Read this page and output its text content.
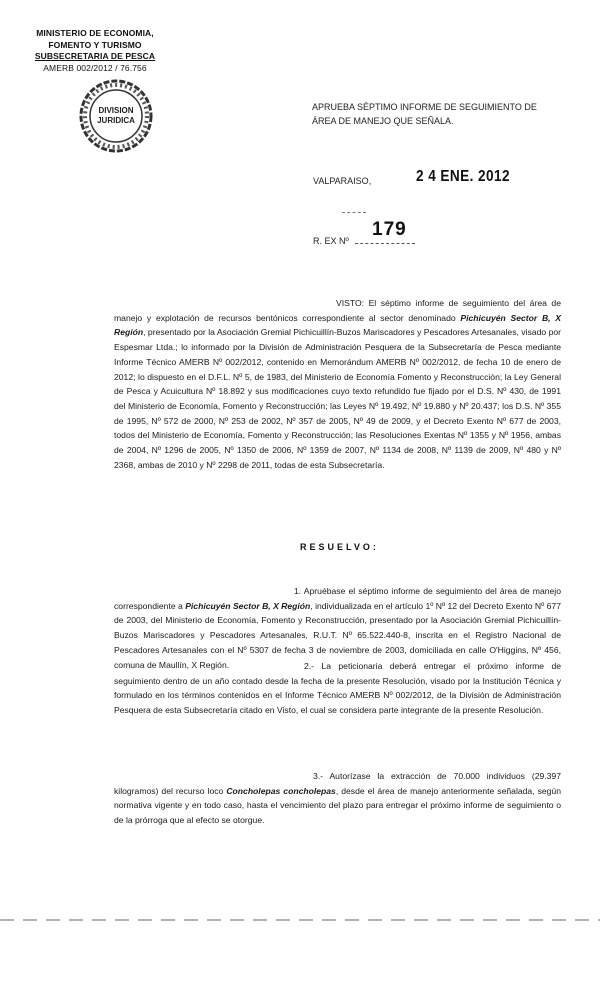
MINISTERIO DE ECONOMIA,
FOMENTO Y TURISMO
SUBSECRETARIA DE PESCA
AMERB 002/2012 / 76.756
DIVISION
JURIDICA
APRUEBA SÉPTIMO INFORME DE SEGUIMIENTO DE ÁREA DE MANEJO QUE SEÑALA.
VALPARAISO,	2 4 ENE. 2012
R. EX Nº
179
VISTO: El séptimo informe de seguimiento del área de manejo y explotación de recursos bentónicos correspondiente al sector denominado Pichicuyén Sector B, X Región, presentado por la Asociación Gremial Pichicuillín-Buzos Mariscadores y Pescadores Artesanales, visado por Espesmar Ltda.; lo informado por la División de Administración Pesquera de la Subsecretaría de Pesca mediante Informe Técnico AMERB Nº 002/2012, contenido en Memorándum AMERB Nº 002/2012, de fecha 10 de enero de 2012; lo dispuesto en el D.F.L. Nº 5, de 1983, del Ministerio de Economía Fomento y Reconstrucción; la Ley General de Pesca y Acuicultura Nº 18.892 y sus modificaciones cuyo texto refundido fue fijado por el D.S. Nº 430, de 1991 del Ministerio de Economía, Fomento y Reconstrucción; las Leyes Nº 19.492, Nº 19.880 y Nº 20.437; los D.S. Nº 355 de 1995, Nº 572 de 2000, Nº 253 de 2002, Nº 357 de 2005, Nº 49 de 2009, y el Decreto Exento Nº 677 de 2003, todos del Ministerio de Economía, Fomento y Reconstrucción; las Resoluciones Exentas Nº 1355 y Nº 1956, ambas de 2004, Nº 1296 de 2005, Nº 1350 de 2006, Nº 1359 de 2007, Nº 1134 de 2008, Nº 1139 de 2009, Nº 480 y Nº 2368, ambas de 2010 y Nº 2298 de 2011, todas de esta Subsecretaría.
RESUELVO:
1. Apruébase el séptimo informe de seguimiento del área de manejo correspondiente a Pichicuyén Sector B, X Región, individualizada en el artículo 1º Nº 12 del Decreto Exento Nº 677 de 2003, del Ministerio de Economía, Fomento y Reconstrucción, presentado por la Asociación Gremial Pichicuillín-Buzos Mariscadores y Pescadores Artesanales, R.U.T. Nº 65.522.440-8, inscrita en el Registro Nacional de Pescadores Artesanales con el Nº 5307 de fecha 3 de noviembre de 2003, domiciliada en calle O'Higgins, Nº 456, comuna de Maullín, X Región.	2.- La peticionaria deberá entregar el próximo informe de seguimiento dentro de un año contado desde la fecha de la presente Resolución, visado por la Institución Técnica y formulado en los términos contenidos en el Informe Técnico AMERB Nº 002/2012, de la División de Administración Pesquera de esta Subsecretaría citado en Visto, el cual se considera parte integrante de la presente Resolución.
3.- Autorízase la extracción de 70.000 individuos (29.397 kilogramos) del recurso loco Concholepas concholepas, desde el área de manejo anteriormente señalada, según normativa vigente y en todo caso, hasta el vencimiento del plazo para entregar el próximo informe de seguimiento o de la prórroga que al efecto se otorgue.
